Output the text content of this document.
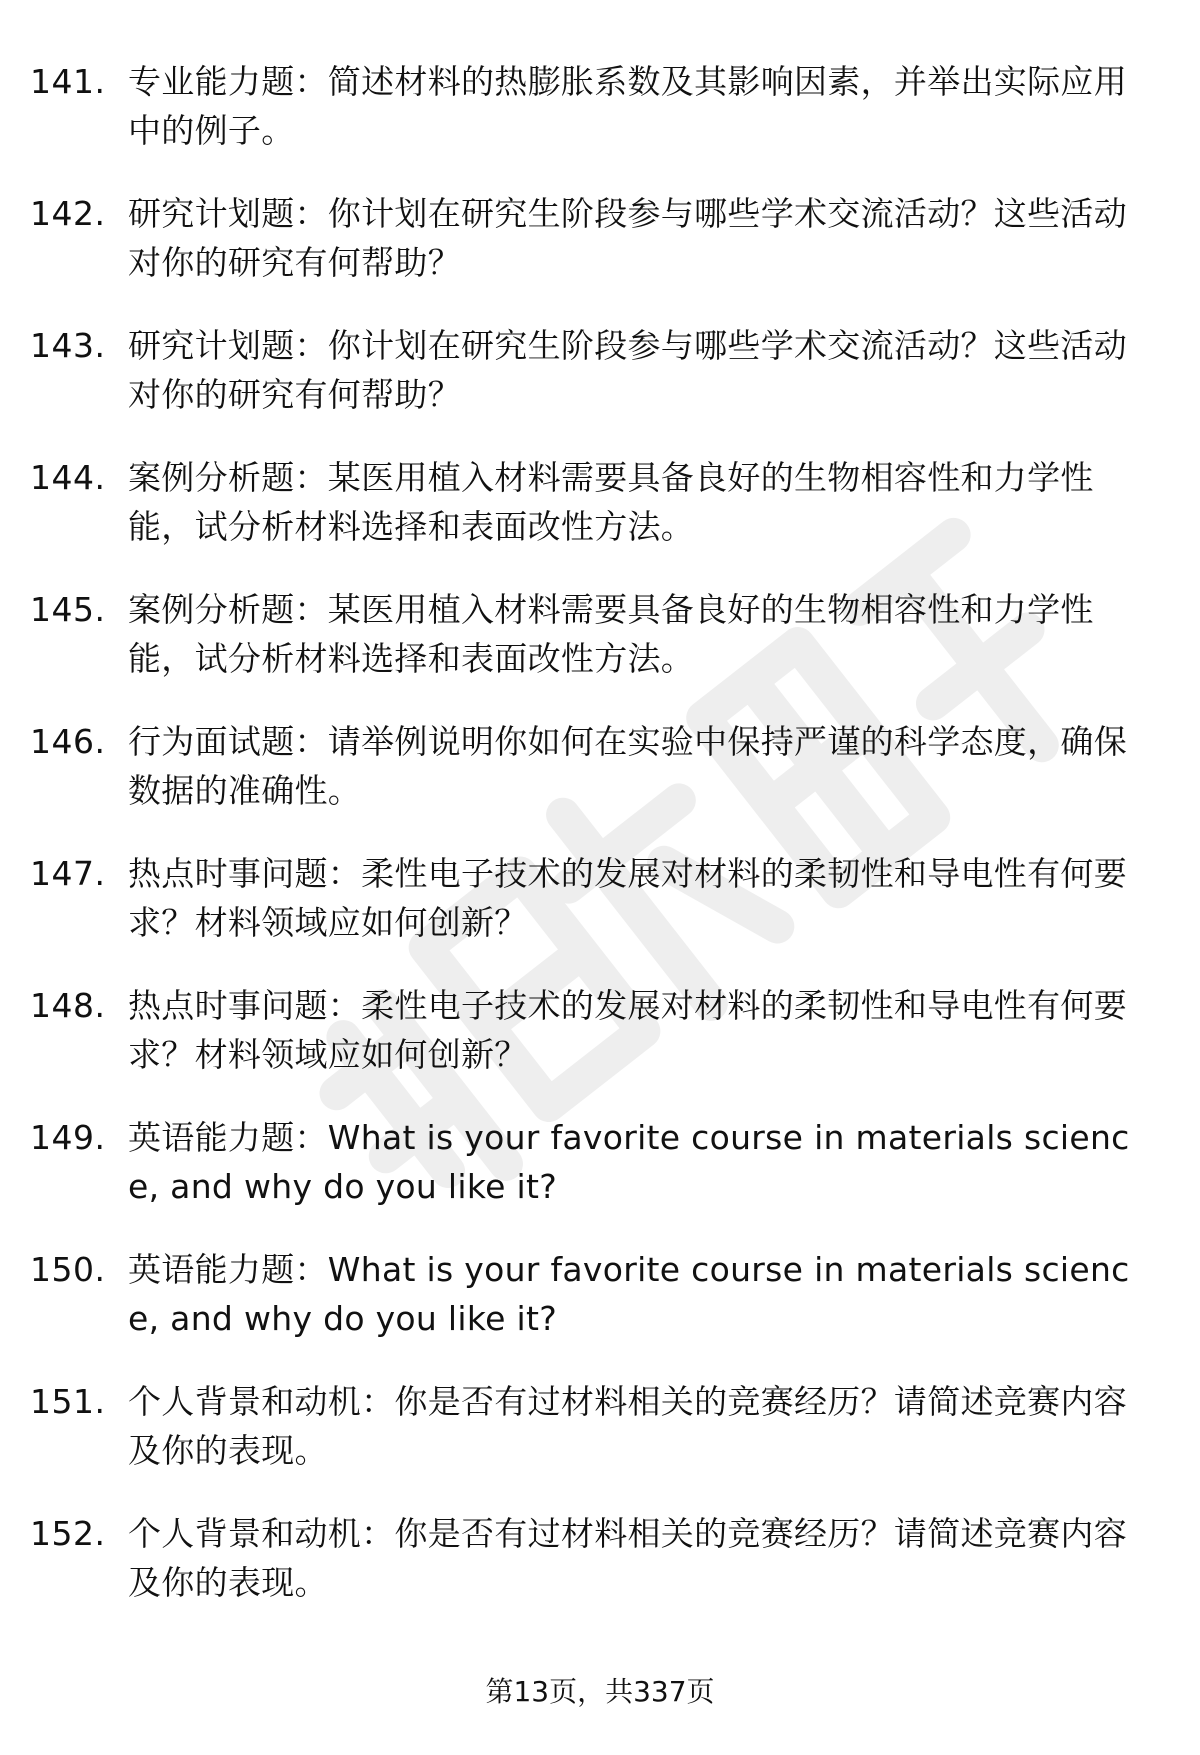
141. 专业能力题：简述材料的热膨胀系数及其影响因素，并举出实际应用中的例子。
142. 研究计划题：你计划在研究生阶段参与哪些学术交流活动？这些活动对你的研究有何帮助？
143. 研究计划题：你计划在研究生阶段参与哪些学术交流活动？这些活动对你的研究有何帮助？
144. 案例分析题：某医用植入材料需要具备良好的生物相容性和力学性能，试分析材料选择和表面改性方法。
145. 案例分析题：某医用植入材料需要具备良好的生物相容性和力学性能，试分析材料选择和表面改性方法。
146. 行为面试题：请举例说明你如何在实验中保持严谨的科学态度，确保数据的准确性。
147. 热点时事问题：柔性电子技术的发展对材料的柔韧性和导电性有何要求？材料领域应如何创新？
148. 热点时事问题：柔性电子技术的发展对材料的柔韧性和导电性有何要求？材料领域应如何创新？
149. 英语能力题：What is your favorite course in materials science, and why do you like it?
150. 英语能力题：What is your favorite course in materials science, and why do you like it?
151. 个人背景和动机：你是否有过材料相关的竞赛经历？请简述竞赛内容及你的表现。
152. 个人背景和动机：你是否有过材料相关的竞赛经历？请简述竞赛内容及你的表现。
第13页，共337页
